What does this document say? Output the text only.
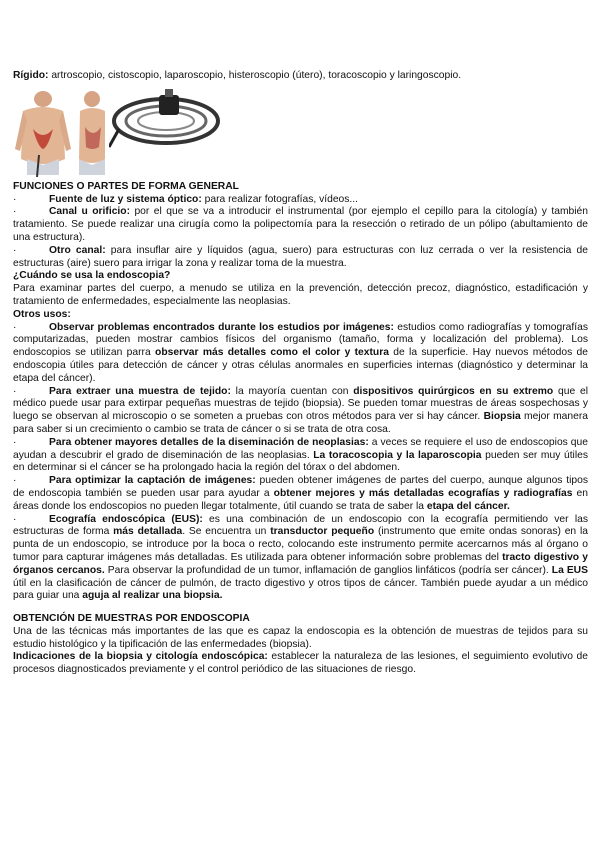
Rígido: artroscopio, cistoscopio, laparoscopio, histeroscopio (útero), toracoscopio y laringoscopio.

FUNCIONES O PARTES DE FORMA GENERAL

·	Fuente de luz y sistema óptico: para realizar fotografías, vídeos...

·	Canal u orificio: por el que se va a introducir el instrumental (por ejemplo el cepillo para la citología) y también tratamiento. Se puede realizar una cirugía como la polipectomía para la resección o retirado de un pólipo (abultamiento de una estructura).

·	Otro canal: para insuflar aire y líquidos (agua, suero) para estructuras con luz cerrada o ver la resistencia de estructuras (aire) suero para irrigar la zona y realizar toma de la muestra.

¿Cuándo se usa la endoscopia?

Para examinar partes del cuerpo, a menudo se utiliza en la prevención, detección precoz, diagnóstico, estadificación y tratamiento de enfermedades, especialmente las neoplasias.

Otros usos:

·	Observar problemas encontrados durante los estudios por imágenes: estudios como radiografías y tomografías computarizadas, pueden mostrar cambios físicos del organismo (tamaño, forma y localización del problema). Los endoscopios se utilizan parra observar más detalles como el color y textura de la superficie. Hay nuevos métodos de endoscopia útiles para detección de cáncer y otras células anormales en superficies internas (diagnóstico y determinar la etapa del cáncer).

·	Para extraer una muestra de tejido: la mayoría cuentan con dispositivos quirúrgicos en su extremo que el médico puede usar para extirpar pequeñas muestras de tejido (biopsia). Se pueden tomar muestras de áreas sospechosas y luego se observan al microscopio o se someten a pruebas con otros métodos para ver si hay cáncer. Biopsia mejor manera para saber si un crecimiento o cambio se trata de cáncer o si se trata de otra cosa.

·	Para obtener mayores detalles de la diseminación de neoplasias: a veces se requiere el uso de endoscopios que ayudan a descubrir el grado de diseminación de las neoplasias. La toracoscopia y la laparoscopia pueden ser muy útiles en determinar si el cáncer se ha prolongado hacia la región del tórax o del abdomen.

·	Para optimizar la captación de imágenes: pueden obtener imágenes de partes del cuerpo, aunque algunos tipos de endoscopia también se pueden usar para ayudar a obtener mejores y más detalladas ecografías y radiografías en áreas donde los endoscopios no pueden llegar totalmente, útil cuando se trata de saber la etapa del cáncer.

·	Ecografía endoscópica (EUS): es una combinación de un endoscopio con la ecografía permitiendo ver las estructuras de forma más detallada. Se encuentra un transductor pequeño (instrumento que emite ondas sonoras) en la punta de un endoscopio, se introduce por la boca o recto, colocando este instrumento permite acercarnos más al órgano o tumor para capturar imágenes más detalladas. Es utilizada para obtener información sobre problemas del tracto digestivo y órganos cercanos. Para observar la profundidad de un tumor, inflamación de ganglios linfáticos (podría ser cáncer). La EUS útil en la clasificación de cáncer de pulmón, de tracto digestivo y otros tipos de cáncer. También puede ayudar a un médico para guiar una aguja al realizar una biopsia.

OBTENCIÓN DE MUESTRAS POR ENDOSCOPIA

Una de las técnicas más importantes de las que es capaz la endoscopia es la obtención de muestras de tejidos para su estudio histológico y la tipificación de las enfermedades (biopsia).

Indicaciones de la biopsia y citología endoscópica: establecer la naturaleza de las lesiones, el seguimiento evolutivo de procesos diagnosticados previamente y el control periódico de las situaciones de riesgo.
